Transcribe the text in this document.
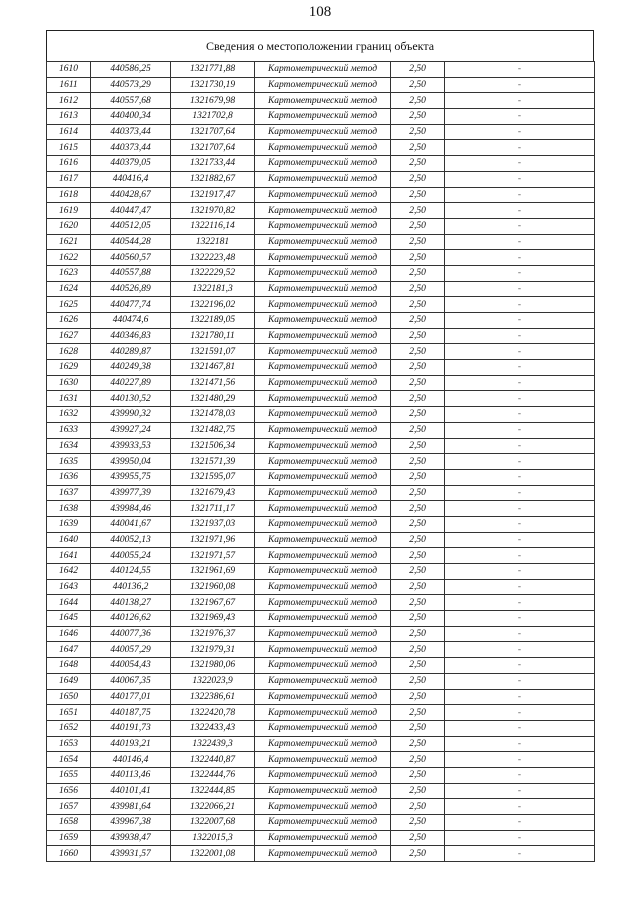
108
Сведения о местоположении границ объекта
1610	440586,25	1321771,88	Картометрический метод	2,50	-
1611	440573,29	1321730,19	Картометрический метод	2,50	-
1612	440557,68	1321679,98	Картометрический метод	2,50	-
1613	440400,34	1321702,8	Картометрический метод	2,50	-
1614	440373,44	1321707,64	Картометрический метод	2,50	-
1615	440373,44	1321707,64	Картометрический метод	2,50	-
1616	440379,05	1321733,44	Картометрический метод	2,50	-
1617	440416,4	1321882,67	Картометрический метод	2,50	-
1618	440428,67	1321917,47	Картометрический метод	2,50	-
1619	440447,47	1321970,82	Картометрический метод	2,50	-
1620	440512,05	1322116,14	Картометрический метод	2,50	-
1621	440544,28	1322181	Картометрический метод	2,50	-
1622	440560,57	1322223,48	Картометрический метод	2,50	-
1623	440557,88	1322229,52	Картометрический метод	2,50	-
1624	440526,89	1322181,3	Картометрический метод	2,50	-
1625	440477,74	1322196,02	Картометрический метод	2,50	-
1626	440474,6	1322189,05	Картометрический метод	2,50	-
1627	440346,83	1321780,11	Картометрический метод	2,50	-
1628	440289,87	1321591,07	Картометрический метод	2,50	-
1629	440249,38	1321467,81	Картометрический метод	2,50	-
1630	440227,89	1321471,56	Картометрический метод	2,50	-
1631	440130,52	1321480,29	Картометрический метод	2,50	-
1632	439990,32	1321478,03	Картометрический метод	2,50	-
1633	439927,24	1321482,75	Картометрический метод	2,50	-
1634	439933,53	1321506,34	Картометрический метод	2,50	-
1635	439950,04	1321571,39	Картометрический метод	2,50	-
1636	439955,75	1321595,07	Картометрический метод	2,50	-
1637	439977,39	1321679,43	Картометрический метод	2,50	-
1638	439984,46	1321711,17	Картометрический метод	2,50	-
1639	440041,67	1321937,03	Картометрический метод	2,50	-
1640	440052,13	1321971,96	Картометрический метод	2,50	-
1641	440055,24	1321971,57	Картометрический метод	2,50	-
1642	440124,55	1321961,69	Картометрический метод	2,50	-
1643	440136,2	1321960,08	Картометрический метод	2,50	-
1644	440138,27	1321967,67	Картометрический метод	2,50	-
1645	440126,62	1321969,43	Картометрический метод	2,50	-
1646	440077,36	1321976,37	Картометрический метод	2,50	-
1647	440057,29	1321979,31	Картометрический метод	2,50	-
1648	440054,43	1321980,06	Картометрический метод	2,50	-
1649	440067,35	1322023,9	Картометрический метод	2,50	-
1650	440177,01	1322386,61	Картометрический метод	2,50	-
1651	440187,75	1322420,78	Картометрический метод	2,50	-
1652	440191,73	1322433,43	Картометрический метод	2,50	-
1653	440193,21	1322439,3	Картометрический метод	2,50	-
1654	440146,4	1322440,87	Картометрический метод	2,50	-
1655	440113,46	1322444,76	Картометрический метод	2,50	-
1656	440101,41	1322444,85	Картометрический метод	2,50	-
1657	439981,64	1322066,21	Картометрический метод	2,50	-
1658	439967,38	1322007,68	Картометрический метод	2,50	-
1659	439938,47	1322015,3	Картометрический метод	2,50	-
1660	439931,57	1322001,08	Картометрический метод	2,50	-
